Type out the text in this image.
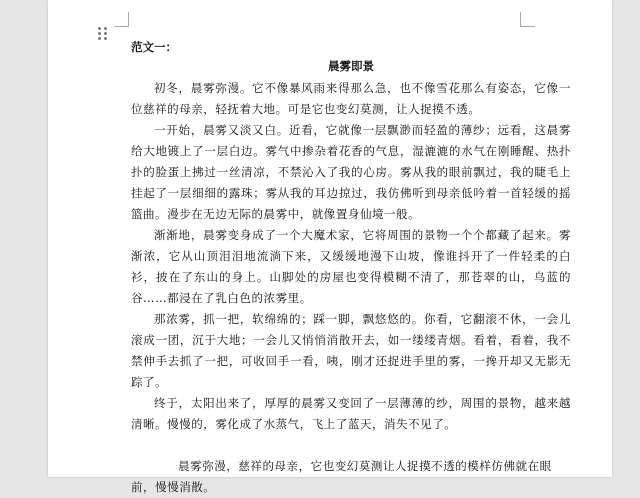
范文一：

晨雾即景

初冬，晨雾弥漫。它不像暴风雨来得那么急，也不像雪花那么有姿态，它像一位慈祥的母亲，轻抚着大地。可是它也变幻莫测，让人捉摸不透。

一开始，晨雾又淡又白。近看，它就像一层飘渺而轻盈的薄纱；远看，这晨雾给大地镀上了一层白边。雾气中掺杂着花香的气息，湿漉漉的水气在刚睡醒、热扑扑的脸蛋上拂过一丝清凉，不禁沁入了我的心房。雾从我的眼前飘过，我的睫毛上挂起了一层细细的露珠；雾从我的耳边掠过，我仿佛听到母亲低吟着一首轻缓的摇篮曲。漫步在无边无际的晨雾中，就像置身仙境一般。

渐渐地，晨雾变身成了一个大魔术家，它将周围的景物一个个都藏了起来。雾渐浓，它从山顶泪泪地流淌下来，又缓缓地漫下山坡，像谁抖开了一件轻柔的白衫，披在了东山的身上。山脚处的房屋也变得模糊不清了，那苍翠的山，乌蓝的谷……都浸在了乳白色的浓雾里。

那浓雾，抓一把，软绵绵的；踩一脚，飘悠悠的。你看，它翻滚不休，一会儿滚成一团，沉于大地；一会儿又悄悄消散开去，如一缕缕青烟。看着，看着，我不禁伸手去抓了一把，可收回手一看，咦，刚才还捉进手里的雾，一搀开却又无影无踪了。

终于，太阳出来了，厚厚的晨雾又变回了一层薄薄的纱，周围的景物，越来越清晰。慢慢的，雾化成了水蒸气，飞上了蓝天，消失不见了。

　　晨雾弥漫，慈祥的母亲，它也变幻莫测让人捉摸不透的模样仿佛就在眼前，慢慢消散。
